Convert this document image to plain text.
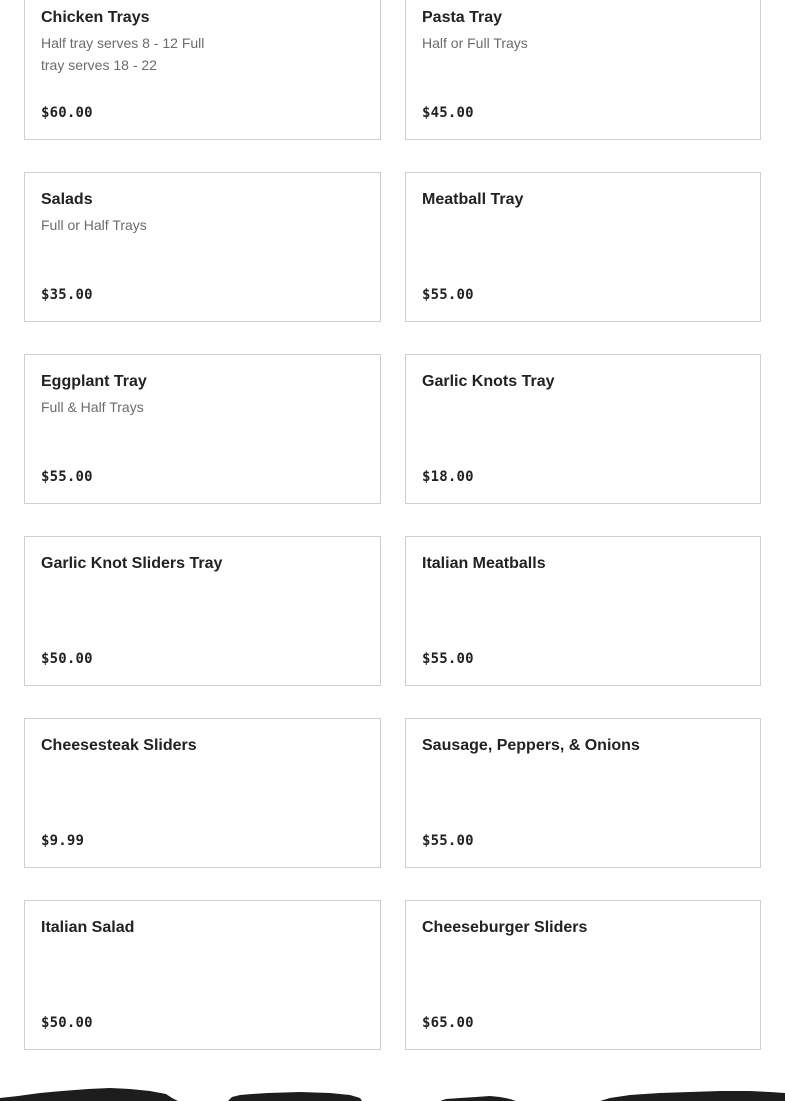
Chicken Trays
Half tray serves 8 - 12 Full tray serves 18 - 22
$60.00
Pasta Tray
Half or Full Trays
$45.00
Salads
Full or Half Trays
$35.00
Meatball Tray
$55.00
Eggplant Tray
Full & Half Trays
$55.00
Garlic Knots Tray
$18.00
Garlic Knot Sliders Tray
$50.00
Italian Meatballs
$55.00
Cheesesteak Sliders
$9.99
Sausage, Peppers, & Onions
$55.00
Italian Salad
$50.00
Cheeseburger Sliders
$65.00
